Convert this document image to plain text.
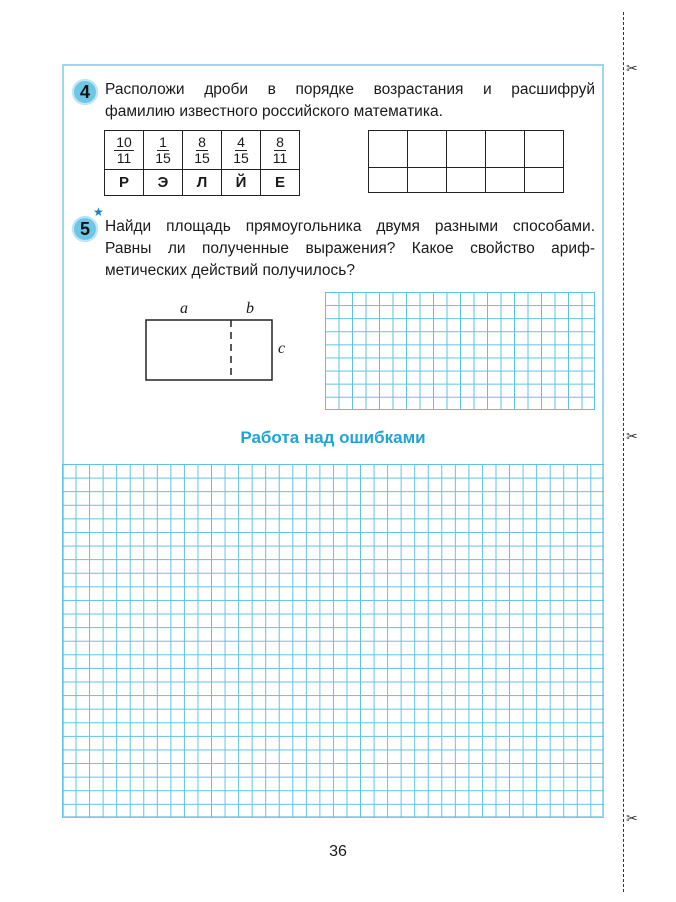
✂
✂
✂
4 Расположи дроби в порядке возрастания и расшифруй
фамилию известного российского математика.
$\frac{10}{11}$	$\frac{1}{15}$	$\frac{8}{15}$	$\frac{4}{15}$	$\frac{8}{11}$

Р	Э	Л	Й	Е

5
★
Найди площадь прямоугольника двумя разными способами.
Равны ли полученные выражения? Какое свойство ариф-
метических действий получилось?
a	b
c
Работа над ошибками
36
